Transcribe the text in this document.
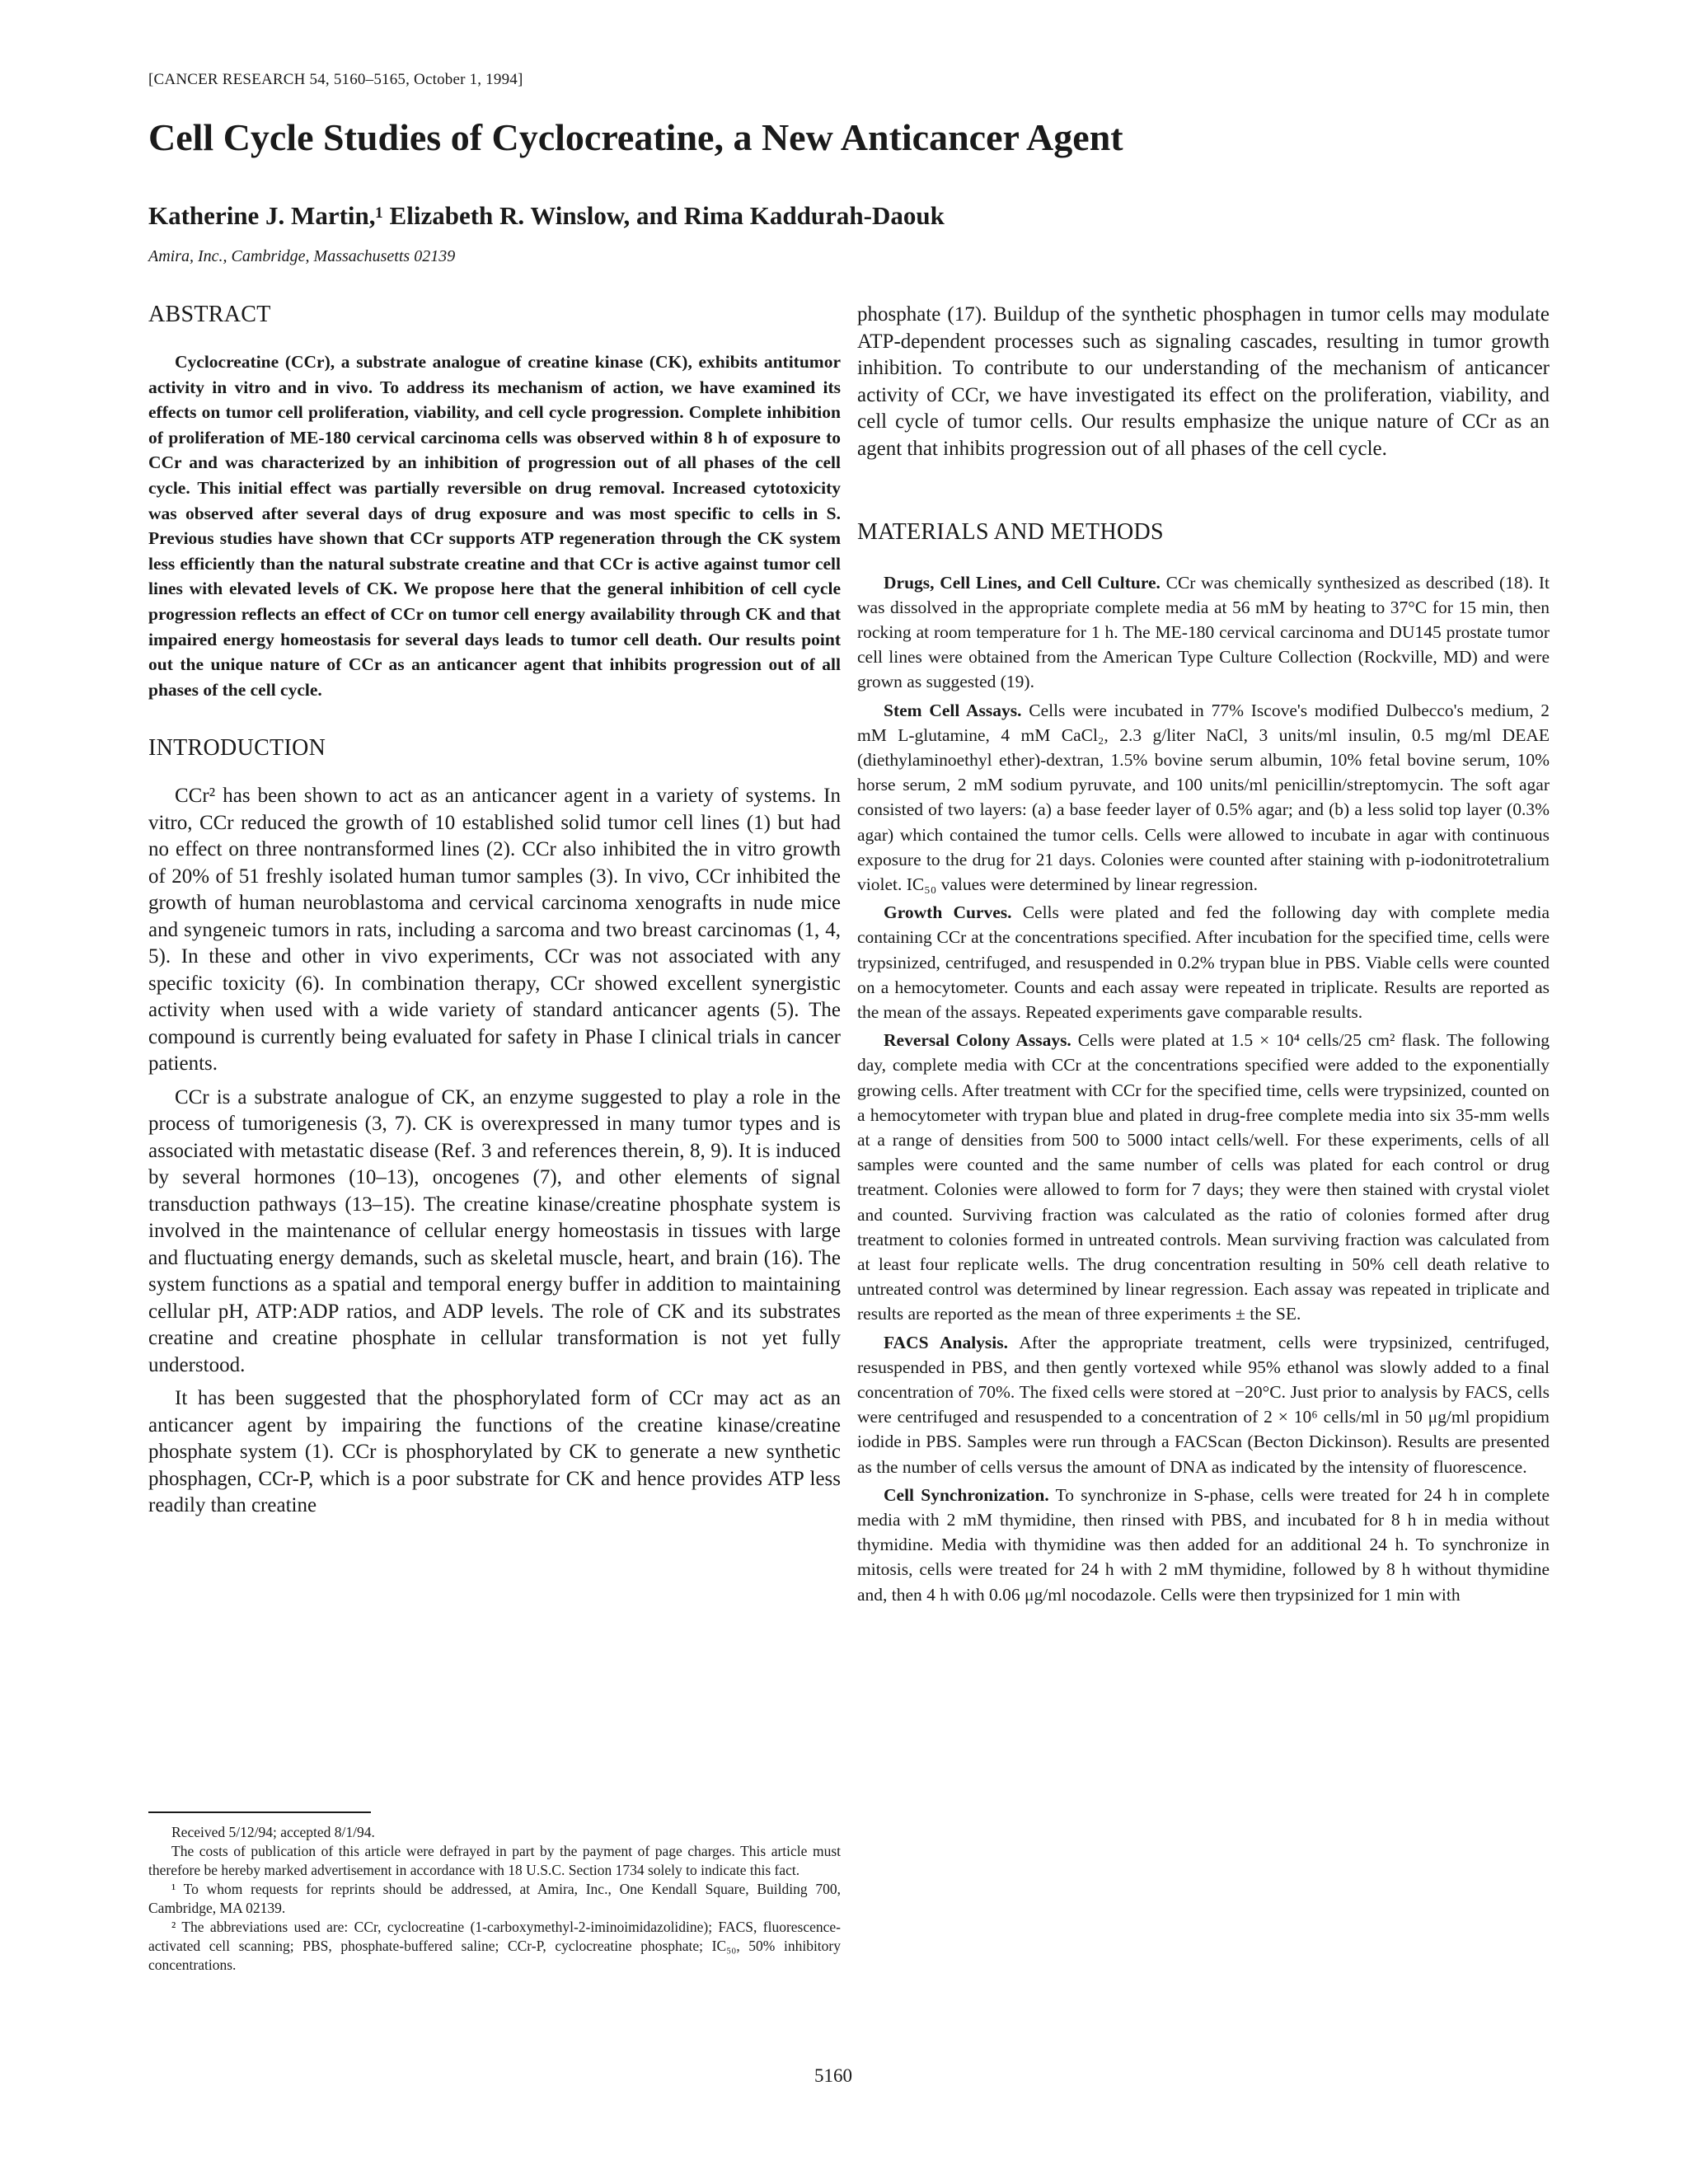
[CANCER RESEARCH 54, 5160–5165, October 1, 1994]
Cell Cycle Studies of Cyclocreatine, a New Anticancer Agent
Katherine J. Martin,¹ Elizabeth R. Winslow, and Rima Kaddurah-Daouk
Amira, Inc., Cambridge, Massachusetts 02139
ABSTRACT

Cyclocreatine (CCr), a substrate analogue of creatine kinase (CK), exhibits antitumor activity in vitro and in vivo. To address its mechanism of action, we have examined its effects on tumor cell proliferation, viability, and cell cycle progression. Complete inhibition of proliferation of ME-180 cervical carcinoma cells was observed within 8 h of exposure to CCr and was characterized by an inhibition of progression out of all phases of the cell cycle. This initial effect was partially reversible on drug removal. Increased cytotoxicity was observed after several days of drug exposure and was most specific to cells in S. Previous studies have shown that CCr supports ATP regeneration through the CK system less efficiently than the natural substrate creatine and that CCr is active against tumor cell lines with elevated levels of CK. We propose here that the general inhibition of cell cycle progression reflects an effect of CCr on tumor cell energy availability through CK and that impaired energy homeostasis for several days leads to tumor cell death. Our results point out the unique nature of CCr as an anticancer agent that inhibits progression out of all phases of the cell cycle.

INTRODUCTION

CCr² has been shown to act as an anticancer agent in a variety of systems. In vitro, CCr reduced the growth of 10 established solid tumor cell lines (1) but had no effect on three nontransformed lines (2). CCr also inhibited the in vitro growth of 20% of 51 freshly isolated human tumor samples (3). In vivo, CCr inhibited the growth of human neuroblastoma and cervical carcinoma xenografts in nude mice and syngeneic tumors in rats, including a sarcoma and two breast carcinomas (1, 4, 5). In these and other in vivo experiments, CCr was not associated with any specific toxicity (6). In combination therapy, CCr showed excellent synergistic activity when used with a wide variety of standard anticancer agents (5). The compound is currently being evaluated for safety in Phase I clinical trials in cancer patients.

CCr is a substrate analogue of CK, an enzyme suggested to play a role in the process of tumorigenesis (3, 7). CK is overexpressed in many tumor types and is associated with metastatic disease (Ref. 3 and references therein, 8, 9). It is induced by several hormones (10–13), oncogenes (7), and other elements of signal transduction pathways (13–15). The creatine kinase/creatine phosphate system is involved in the maintenance of cellular energy homeostasis in tissues with large and fluctuating energy demands, such as skeletal muscle, heart, and brain (16). The system functions as a spatial and temporal energy buffer in addition to maintaining cellular pH, ATP:ADP ratios, and ADP levels. The role of CK and its substrates creatine and creatine phosphate in cellular transformation is not yet fully understood.

It has been suggested that the phosphorylated form of CCr may act as an anticancer agent by impairing the functions of the creatine kinase/creatine phosphate system (1). CCr is phosphorylated by CK to generate a new synthetic phosphagen, CCr-P, which is a poor substrate for CK and hence provides ATP less readily than creatine

phosphate (17). Buildup of the synthetic phosphagen in tumor cells may modulate ATP-dependent processes such as signaling cascades, resulting in tumor growth inhibition. To contribute to our understanding of the mechanism of anticancer activity of CCr, we have investigated its effect on the proliferation, viability, and cell cycle of tumor cells. Our results emphasize the unique nature of CCr as an agent that inhibits progression out of all phases of the cell cycle.

MATERIALS AND METHODS

Drugs, Cell Lines, and Cell Culture. CCr was chemically synthesized as described (18). It was dissolved in the appropriate complete media at 56 mM by heating to 37°C for 15 min, then rocking at room temperature for 1 h. The ME-180 cervical carcinoma and DU145 prostate tumor cell lines were obtained from the American Type Culture Collection (Rockville, MD) and were grown as suggested (19).

Stem Cell Assays. Cells were incubated in 77% Iscove's modified Dulbecco's medium, 2 mM L-glutamine, 4 mM CaCl₂, 2.3 g/liter NaCl, 3 units/ml insulin, 0.5 mg/ml DEAE (diethylaminoethyl ether)-dextran, 1.5% bovine serum albumin, 10% fetal bovine serum, 10% horse serum, 2 mM sodium pyruvate, and 100 units/ml penicillin/streptomycin. The soft agar consisted of two layers: (a) a base feeder layer of 0.5% agar; and (b) a less solid top layer (0.3% agar) which contained the tumor cells. Cells were allowed to incubate in agar with continuous exposure to the drug for 21 days. Colonies were counted after staining with p-iodonitrotetralium violet. IC₅₀ values were determined by linear regression.

Growth Curves. Cells were plated and fed the following day with complete media containing CCr at the concentrations specified. After incubation for the specified time, cells were trypsinized, centrifuged, and resuspended in 0.2% trypan blue in PBS. Viable cells were counted on a hemocytometer. Counts and each assay were repeated in triplicate. Results are reported as the mean of the assays. Repeated experiments gave comparable results.

Reversal Colony Assays. Cells were plated at 1.5 × 10⁴ cells/25 cm² flask. The following day, complete media with CCr at the concentrations specified were added to the exponentially growing cells. After treatment with CCr for the specified time, cells were trypsinized, counted on a hemocytometer with trypan blue and plated in drug-free complete media into six 35-mm wells at a range of densities from 500 to 5000 intact cells/well. For these experiments, cells of all samples were counted and the same number of cells was plated for each control or drug treatment. Colonies were allowed to form for 7 days; they were then stained with crystal violet and counted. Surviving fraction was calculated as the ratio of colonies formed after drug treatment to colonies formed in untreated controls. Mean surviving fraction was calculated from at least four replicate wells. The drug concentration resulting in 50% cell death relative to untreated control was determined by linear regression. Each assay was repeated in triplicate and results are reported as the mean of three experiments ± the SE.

FACS Analysis. After the appropriate treatment, cells were trypsinized, centrifuged, resuspended in PBS, and then gently vortexed while 95% ethanol was slowly added to a final concentration of 70%. The fixed cells were stored at −20°C. Just prior to analysis by FACS, cells were centrifuged and resuspended to a concentration of 2 × 10⁶ cells/ml in 50 μg/ml propidium iodide in PBS. Samples were run through a FACScan (Becton Dickinson). Results are presented as the number of cells versus the amount of DNA as indicated by the intensity of fluorescence.

Cell Synchronization. To synchronize in S-phase, cells were treated for 24 h in complete media with 2 mM thymidine, then rinsed with PBS, and incubated for 8 h in media without thymidine. Media with thymidine was then added for an additional 24 h. To synchronize in mitosis, cells were treated for 24 h with 2 mM thymidine, followed by 8 h without thymidine and, then 4 h with 0.06 μg/ml nocodazole. Cells were then trypsinized for 1 min with

Received 5/12/94; accepted 8/1/94.

The costs of publication of this article were defrayed in part by the payment of page charges. This article must therefore be hereby marked advertisement in accordance with 18 U.S.C. Section 1734 solely to indicate this fact.

¹ To whom requests for reprints should be addressed, at Amira, Inc., One Kendall Square, Building 700, Cambridge, MA 02139.

² The abbreviations used are: CCr, cyclocreatine (1-carboxymethyl-2-iminoimidazolidine); FACS, fluorescence-activated cell scanning; PBS, phosphate-buffered saline; CCr-P, cyclocreatine phosphate; IC₅₀, 50% inhibitory concentrations.

5160
